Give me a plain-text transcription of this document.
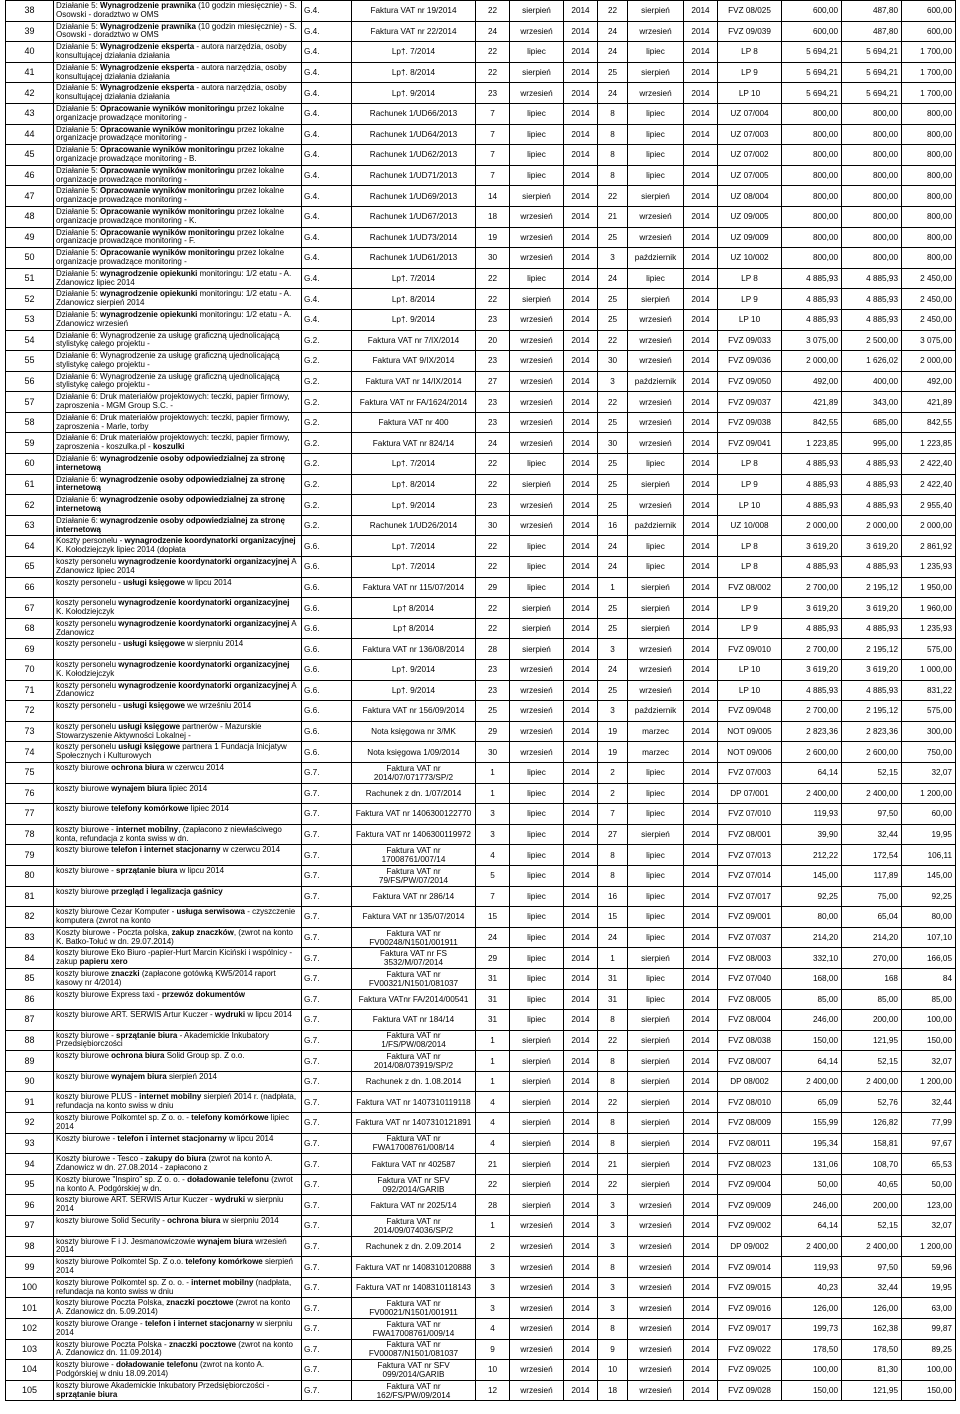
38	Działanie 5: Wynagrodzenie prawnika (10 godzin miesięcznie) - S. Osowski - doradztwo w OMS	G.4.	Faktura VAT nr 19/2014	22	sierpień	2014	22	sierpień	2014	FVZ 08/025	600,00	487,80	600,00
39	Działanie 5: Wynagrodzenie prawnika (10 godzin miesięcznie) - S. Osowski - doradztwo w OMS	G.4.	Faktura VAT nr 22/2014	24	wrzesień	2014	24	wrzesień	2014	FVZ 09/039	600,00	487,80	600,00
40	Działanie 5: Wynagrodzenie eksperta - autora narzędzia, osoby konsultującej działania działania	G.4.	Lp†. 7/2014	22	lipiec	2014	24	lipiec	2014	LP 8	5 694,21	5 694,21	1 700,00
41	Działanie 5: Wynagrodzenie eksperta - autora narzędzia, osoby konsultującej działania działania	G.4.	Lp†. 8/2014	22	sierpień	2014	25	sierpień	2014	LP 9	5 694,21	5 694,21	1 700,00
42	Działanie 5: Wynagrodzenie eksperta - autora narzędzia, osoby konsultującej działania działania	G.4.	Lp†. 9/2014	23	wrzesień	2014	24	wrzesień	2014	LP 10	5 694,21	5 694,21	1 700,00
43	Działanie 5: Opracowanie wyników monitoringu przez lokalne organizacje prowadzące monitoring -	G.4.	Rachunek 1/UD66/2013	7	lipiec	2014	8	lipiec	2014	UZ 07/004	800,00	800,00	800,00
44	Działanie 5: Opracowanie wyników monitoringu przez lokalne organizacje prowadzące monitoring -	G.4.	Rachunek 1/UD64/2013	7	lipiec	2014	8	lipiec	2014	UZ 07/003	800,00	800,00	800,00
45	Działanie 5: Opracowanie wyników monitoringu przez lokalne organizacje prowadzące monitoring - B.	G.4.	Rachunek 1/UD62/2013	7	lipiec	2014	8	lipiec	2014	UZ 07/002	800,00	800,00	800,00
46	Działanie 5: Opracowanie wyników monitoringu przez lokalne organizacje prowadzące monitoring -	G.4.	Rachunek 1/UD71/2013	7	lipiec	2014	8	lipiec	2014	UZ 07/005	800,00	800,00	800,00
47	Działanie 5: Opracowanie wyników monitoringu przez lokalne organizacje prowadzące monitoring -	G.4.	Rachunek 1/UD69/2013	14	sierpień	2014	22	sierpień	2014	UZ 08/004	800,00	800,00	800,00
48	Działanie 5: Opracowanie wyników monitoringu przez lokalne organizacje prowadzące monitoring - K.	G.4.	Rachunek 1/UD67/2013	18	wrzesień	2014	21	wrzesień	2014	UZ 09/005	800,00	800,00	800,00
49	Działanie 5: Opracowanie wyników monitoringu przez lokalne organizacje prowadzące monitoring - F.	G.4.	Rachunek 1/UD73/2014	19	wrzesień	2014	25	wrzesień	2014	UZ 09/009	800,00	800,00	800,00
50	Działanie 5: Opracowanie wyników monitoringu przez lokalne organizacje prowadzące monitoring -	G.4.	Rachunek 1/UD61/2013	30	wrzesień	2014	3	październik	2014	UZ 10/002	800,00	800,00	800,00
51	Działanie 5: wynagrodzenie opiekunki monitoringu: 1/2 etatu - A. Zdanowicz lipiec 2014	G.4.	Lp†. 7/2014	22	lipiec	2014	24	lipiec	2014	LP 8	4 885,93	4 885,93	2 450,00
52	Działanie 5: wynagrodzenie opiekunki monitoringu: 1/2 etatu - A. Zdanowicz sierpień 2014	G.4.	Lp†. 8/2014	22	sierpień	2014	25	sierpień	2014	LP 9	4 885,93	4 885,93	2 450,00
53	Działanie 5: wynagrodzenie opiekunki monitoringu: 1/2 etatu - A. Zdanowicz wrzesień	G.4.	Lp†. 9/2014	23	wrzesień	2014	25	wrzesień	2014	LP 10	4 885,93	4 885,93	2 450,00
54	Działanie 6: Wynagrodzenie za usługę graficzną ujednolicającą stylistykę całego projektu -	G.2.	Faktura VAT nr 7/IX/2014	20	wrzesień	2014	22	wrzesień	2014	FVZ 09/033	3 075,00	2 500,00	3 075,00
55	Działanie 6: Wynagrodzenie za usługę graficzną ujednolicającą stylistykę całego projektu -	G.2.	Faktura VAT 9/IX/2014	23	wrzesień	2014	30	wrzesień	2014	FVZ 09/036	2 000,00	1 626,02	2 000,00
56	Działanie 6: Wynagrodzenie za usługę graficzną ujednolicającą stylistykę całego projektu -	G.2.	Faktura VAT nr 14/IX/2014	27	wrzesień	2014	3	październik	2014	FVZ 09/050	492,00	400,00	492,00
57	Działanie 6: Druk materiałów projektowych: teczki, papier firmowy, zaproszenia - MGM Group S.C. -	G.2.	Faktura VAT nr FA/1624/2014	23	wrzesień	2014	22	wrzesień	2014	FVZ 09/037	421,89	343,00	421,89
58	Działanie 6: Druk materiałów projektowych: teczki, papier firmowy, zaproszenia - Marle, torby	G.2.	Faktura VAT nr 400	23	wrzesień	2014	25	wrzesień	2014	FVZ 09/038	842,55	685,00	842,55
59	Działanie 6: Druk materiałów projektowych: teczki, papier firmowy, zaproszenia - koszulka.pl - koszulki	G.2.	Faktura VAT nr 824/14	24	wrzesień	2014	30	wrzesień	2014	FVZ 09/041	1 223,85	995,00	1 223,85
60	Działanie 6: wynagrodzenie osoby odpowiedzialnej za stronę internetową	G.2.	Lp†. 7/2014	22	lipiec	2014	25	lipiec	2014	LP 8	4 885,93	4 885,93	2 422,40
61	Działanie 6: wynagrodzenie osoby odpowiedzialnej za stronę internetową	G.2.	Lp†. 8/2014	22	sierpień	2014	25	sierpień	2014	LP 9	4 885,93	4 885,93	2 422,40
62	Działanie 6: wynagrodzenie osoby odpowiedzialnej za stronę internetową	G.2.	Lp†. 9/2014	23	wrzesień	2014	25	wrzesień	2014	LP 10	4 885,93	4 885,93	2 955,40
63	Działanie 6: wynagrodzenie osoby odpowiedzialnej za stronę internetową	G.2.	Rachunek 1/UD26/2014	30	wrzesień	2014	16	październik	2014	UZ 10/008	2 000,00	2 000,00	2 000,00
64	Koszty personelu - wynagrodzenie koordynatorki organizacyjnej K. Kołodziejczyk lipiec 2014 (dopłata	G.6.	Lp†. 7/2014	22	lipiec	2014	24	lipiec	2014	LP 8	3 619,20	3 619,20	2 861,92
65	koszty personelu wynagrodzenie koordynatorki organizacyjnej A Zdanowicz lipiec 2014	G.6.	Lp†. 7/2014	22	lipiec	2014	24	lipiec	2014	LP 8	4 885,93	4 885,93	1 235,93
66	koszty personelu - usługi księgowe w lipcu 2014	G.6.	Faktura VAT nr 115/07/2014	29	lipiec	2014	1	sierpień	2014	FVZ 08/002	2 700,00	2 195,12	1 950,00
67	koszty personelu wynagrodzenie koordynatorki organizacyjnej K. Kołodziejczyk	G.6.	Lp† 8/2014	22	sierpień	2014	25	sierpień	2014	LP 9	3 619,20	3 619,20	1 960,00
68	koszty personelu wynagrodzenie koordynatorki organizacyjnej A Zdanowicz	G.6.	Lp† 8/2014	22	sierpień	2014	25	sierpień	2014	LP 9	4 885,93	4 885,93	1 235,93
69	koszty personelu - usługi księgowe w sierpniu 2014	G.6.	Faktura VAT nr 136/08/2014	28	sierpień	2014	3	wrzesień	2014	FVZ 09/010	2 700,00	2 195,12	575,00
70	koszty personelu wynagrodzenie koordynatorki organizacyjnej K. Kołodziejczyk	G.6.	Lp†. 9/2014	23	wrzesień	2014	24	wrzesień	2014	LP 10	3 619,20	3 619,20	1 000,00
71	koszty personelu wynagrodzenie koordynatorki organizacyjnej A Zdanowicz	G.6.	Lp†. 9/2014	23	wrzesień	2014	25	wrzesień	2014	LP 10	4 885,93	4 885,93	831,22
72	koszty personelu - usługi księgowe we wrześniu 2014	G.6.	Faktura VAT nr 156/09/2014	25	wrzesień	2014	3	październik	2014	FVZ 09/048	2 700,00	2 195,12	575,00
73	koszty personelu usługi księgowe partnerów - Mazurskie Stowarzyszenie Aktywności Lokalnej -	G.6.	Nota księgowa nr 3/MK	29	wrzesień	2014	19	marzec	2014	NOT 09/005	2 823,36	2 823,36	300,00
74	koszty personelu usługi księgowe partnera 1 Fundacja Inicjatyw Społecznych i Kulturowych	G.6.	Nota księgowa 1/09/2014	30	wrzesień	2014	19	marzec	2014	NOT 09/006	2 600,00	2 600,00	750,00
75	koszty biurowe ochrona biura w czerwcu 2014	G.7.	Faktura VAT nr 2014/07/071773/SP/2	1	lipiec	2014	2	lipiec	2014	FVZ 07/003	64,14	52,15	32,07
76	koszty biurowe wynajem biura lipiec 2014	G.7.	Rachunek z dn. 1/07/2014	1	lipiec	2014	2	lipiec	2014	DP 07/001	2 400,00	2 400,00	1 200,00
77	koszty biurowe telefony komórkowe lipiec 2014	G.7.	Faktura VAT nr 1406300122770	3	lipiec	2014	7	lipiec	2014	FVZ 07/010	119,93	97,50	60,00
78	koszty biurowe - internet mobilny, (zapłacono z niewłaściwego konta, refundacja z konta swiss w dn.	G.7.	Faktura VAT nr 1406300119972	3	lipiec	2014	27	sierpień	2014	FVZ 08/001	39,90	32,44	19,95
79	koszty biurowe telefon i internet stacjonarny w czerwcu 2014	G.7.	Faktura VAT nr 17008761/007/14	4	lipiec	2014	8	lipiec	2014	FVZ 07/013	212,22	172,54	106,11
80	koszty biurowe - sprzątanie biura w lipcu 2014	G.7.	Faktura VAT nr 79/FS/PW/07/2014	5	lipiec	2014	8	lipiec	2014	FVZ 07/014	145,00	117,89	145,00
81	koszty biurowe przegląd i legalizacja gaśnicy	G.7.	Faktura VAT nr 286/14	7	lipiec	2014	16	lipiec	2014	FVZ 07/017	92,25	75,00	92,25
82	koszty biurowe Cezar Komputer - usługa serwisowa - czyszczenie komputera (zwrot na konto	G.7.	Faktura VAT nr 135/07/2014	15	lipiec	2014	15	lipiec	2014	FVZ 09/001	80,00	65,04	80,00
83	Koszty biurowe - Poczta polska, zakup znaczków, (zwrot na konto K. Batko-Tołuć w dn. 29.07.2014)	G.7.	Faktura VAT nr FV00248/N1501/001911	24	lipiec	2014	24	lipiec	2014	FVZ 07/037	214,20	214,20	107,10
84	koszty biurowe Eko Biuro -papier-Hurt Marcin Kiciński i wspólnicy - zakup papieru xero	G.7.	Faktura VAT nr FS 3532/M/07/2014	29	lipiec	2014	1	sierpień	2014	FVZ 08/003	332,10	270,00	166,05
85	koszty biurowe znaczki (zapłacone gotówką KW5/2014 raport kasowy nr 4/2014)	G.7.	Faktura VAT nr FV00321/N1501/081037	31	lipiec	2014	31	lipiec	2014	FVZ 07/040	168,00	168	84
86	koszty biurowe Express taxi - przewóz dokumentów	G.7.	Faktura VATnr FA/2014/00541	31	lipiec	2014	31	lipiec	2014	FVZ 08/005	85,00	85,00	85,00
87	koszty biurowe ART. SERWIS Artur Kuczer - wydruki w lipcu 2014	G.7.	Faktura VAT nr 184/14	31	lipiec	2014	8	sierpień	2014	FVZ 08/004	246,00	200,00	100,00
88	koszty biurowe - sprzątanie biura - Akademickie Inkubatory Przedsiębiorczości	G.7.	Faktura VAT nr 1/FS/PW/08/2014	1	sierpień	2014	22	sierpień	2014	FVZ 08/038	150,00	121,95	150,00
89	koszty biurowe ochrona biura Solid Group sp. Z o.o.	G.7.	Faktura VAT nr 2014/08/073919/SP/2	1	sierpień	2014	8	sierpień	2014	FVZ 08/007	64,14	52,15	32,07
90	koszty biurowe wynajem biura sierpień 2014	G.7.	Rachunek z dn. 1.08.2014	1	sierpień	2014	8	sierpień	2014	DP 08/002	2 400,00	2 400,00	1 200,00
91	koszty biurowe PLUS - internet mobilny sierpień 2014 r. (nadpłata, refundacja na konto swiss w dniu	G.7.	Faktura VAT nr 1407310119118	4	sierpień	2014	22	sierpień	2014	FVZ 08/010	65,09	52,76	32,44
92	koszty biurowe Polkomtel sp. Z o. o. - telefony komórkowe lipiec 2014	G.7.	Faktura VAT nr 1407310121891	4	sierpień	2014	8	sierpień	2014	FVZ 08/009	155,99	126,82	77,99
93	Koszty biurowe - telefon i internet stacjonarny w lipcu 2014	G.7.	Faktura VAT nr FWA17008761/008/14	4	sierpień	2014	8	sierpień	2014	FVZ 08/011	195,34	158,81	97,67
94	Koszty biurowe - Tesco - zakupy do biura (zwrot na konto A. Zdanowicz w dn. 27.08.2014 - zapłacono z	G.7.	Faktura VAT nr 402587	21	sierpień	2014	21	sierpień	2014	FVZ 08/023	131,06	108,70	65,53
95	Koszty biurowe "Inspiro" sp. Z o. o. - doładowanie telefonu (zwrot na konto A. Podgórskiej w dn.	G.7.	Faktura VAT nr SFV 092/2014/GARIB	22	sierpień	2014	22	sierpień	2014	FVZ 09/004	50,00	40,65	50,00
96	koszty biurowe ART. SERWIS Artur Kuczer - wydruki w sierpniu 2014	G.7.	Faktura VAT nr 2025/14	28	sierpień	2014	3	wrzesień	2014	FVZ 09/009	246,00	200,00	123,00
97	koszty biurowe Solid Security - ochrona biura w sierpniu 2014	G.7.	Faktura VAT nr 2014/09/074036/SP/2	1	wrzesień	2014	3	wrzesień	2014	FVZ 09/002	64,14	52,15	32,07
98	koszty biurowe F i J. Jesmanowiczowie wynajem biura wrzesień 2014	G.7.	Rachunek z dn. 2.09.2014	2	wrzesień	2014	3	wrzesień	2014	DP 09/002	2 400,00	2 400,00	1 200,00
99	koszty biurowe Polkomtel Sp. Z o.o. telefony komórkowe sierpień 2014	G.7.	Faktura VAT nr 1408310120888	3	wrzesień	2014	8	wrzesień	2014	FVZ 09/014	119,93	97,50	59,96
100	koszty biurowe Polkomtel sp. Z o. o. - internet mobilny (nadpłata, refundacja na konto swiss w dniu	G.7.	Faktura VAT nr 1408310118143	3	wrzesień	2014	3	wrzesień	2014	FVZ 09/015	40,23	32,44	19,95
101	koszty biurowe Poczta Polska, znaczki pocztowe (zwrot na konto A. Zdanowicz dn. 5.09.2014)	G.7.	Faktura VAT nr FV00021/N1501/001911	3	wrzesień	2014	3	wrzesień	2014	FVZ 09/016	126,00	126,00	63,00
102	koszty biurowe Orange - telefon i internet stacjonarny w sierpniu 2014	G.7.	Faktura VAT nr FWA17008761/009/14	4	wrzesień	2014	8	wrzesień	2014	FVZ 09/017	199,73	162,38	99,87
103	koszty biurowe Poczta Polska - znaczki pocztowe (zwrot na konto A. Zdanowicz dn. 11.09.2014)	G.7.	Faktura VAT nr FV00087/N1501/081037	9	wrzesień	2014	9	wrzesień	2014	FVZ 09/022	178,50	178,50	89,25
104	koszty biurowe - doładowanie telefonu (zwrot na konto A. Podgórskiej w dniu 18.09.2014)	G.7.	Faktura VAT nr SFV 099/2014/GARIB	10	wrzesień	2014	10	wrzesień	2014	FVZ 09/025	100,00	81,30	100,00
105	koszty biurowe Akademickie Inkubatory Przedsiębiorczości - sprzątanie biura	G.7.	Faktura VAT nr 162/FS/PW/09/2014	12	wrzesień	2014	18	wrzesień	2014	FVZ 09/028	150,00	121,95	150,00
